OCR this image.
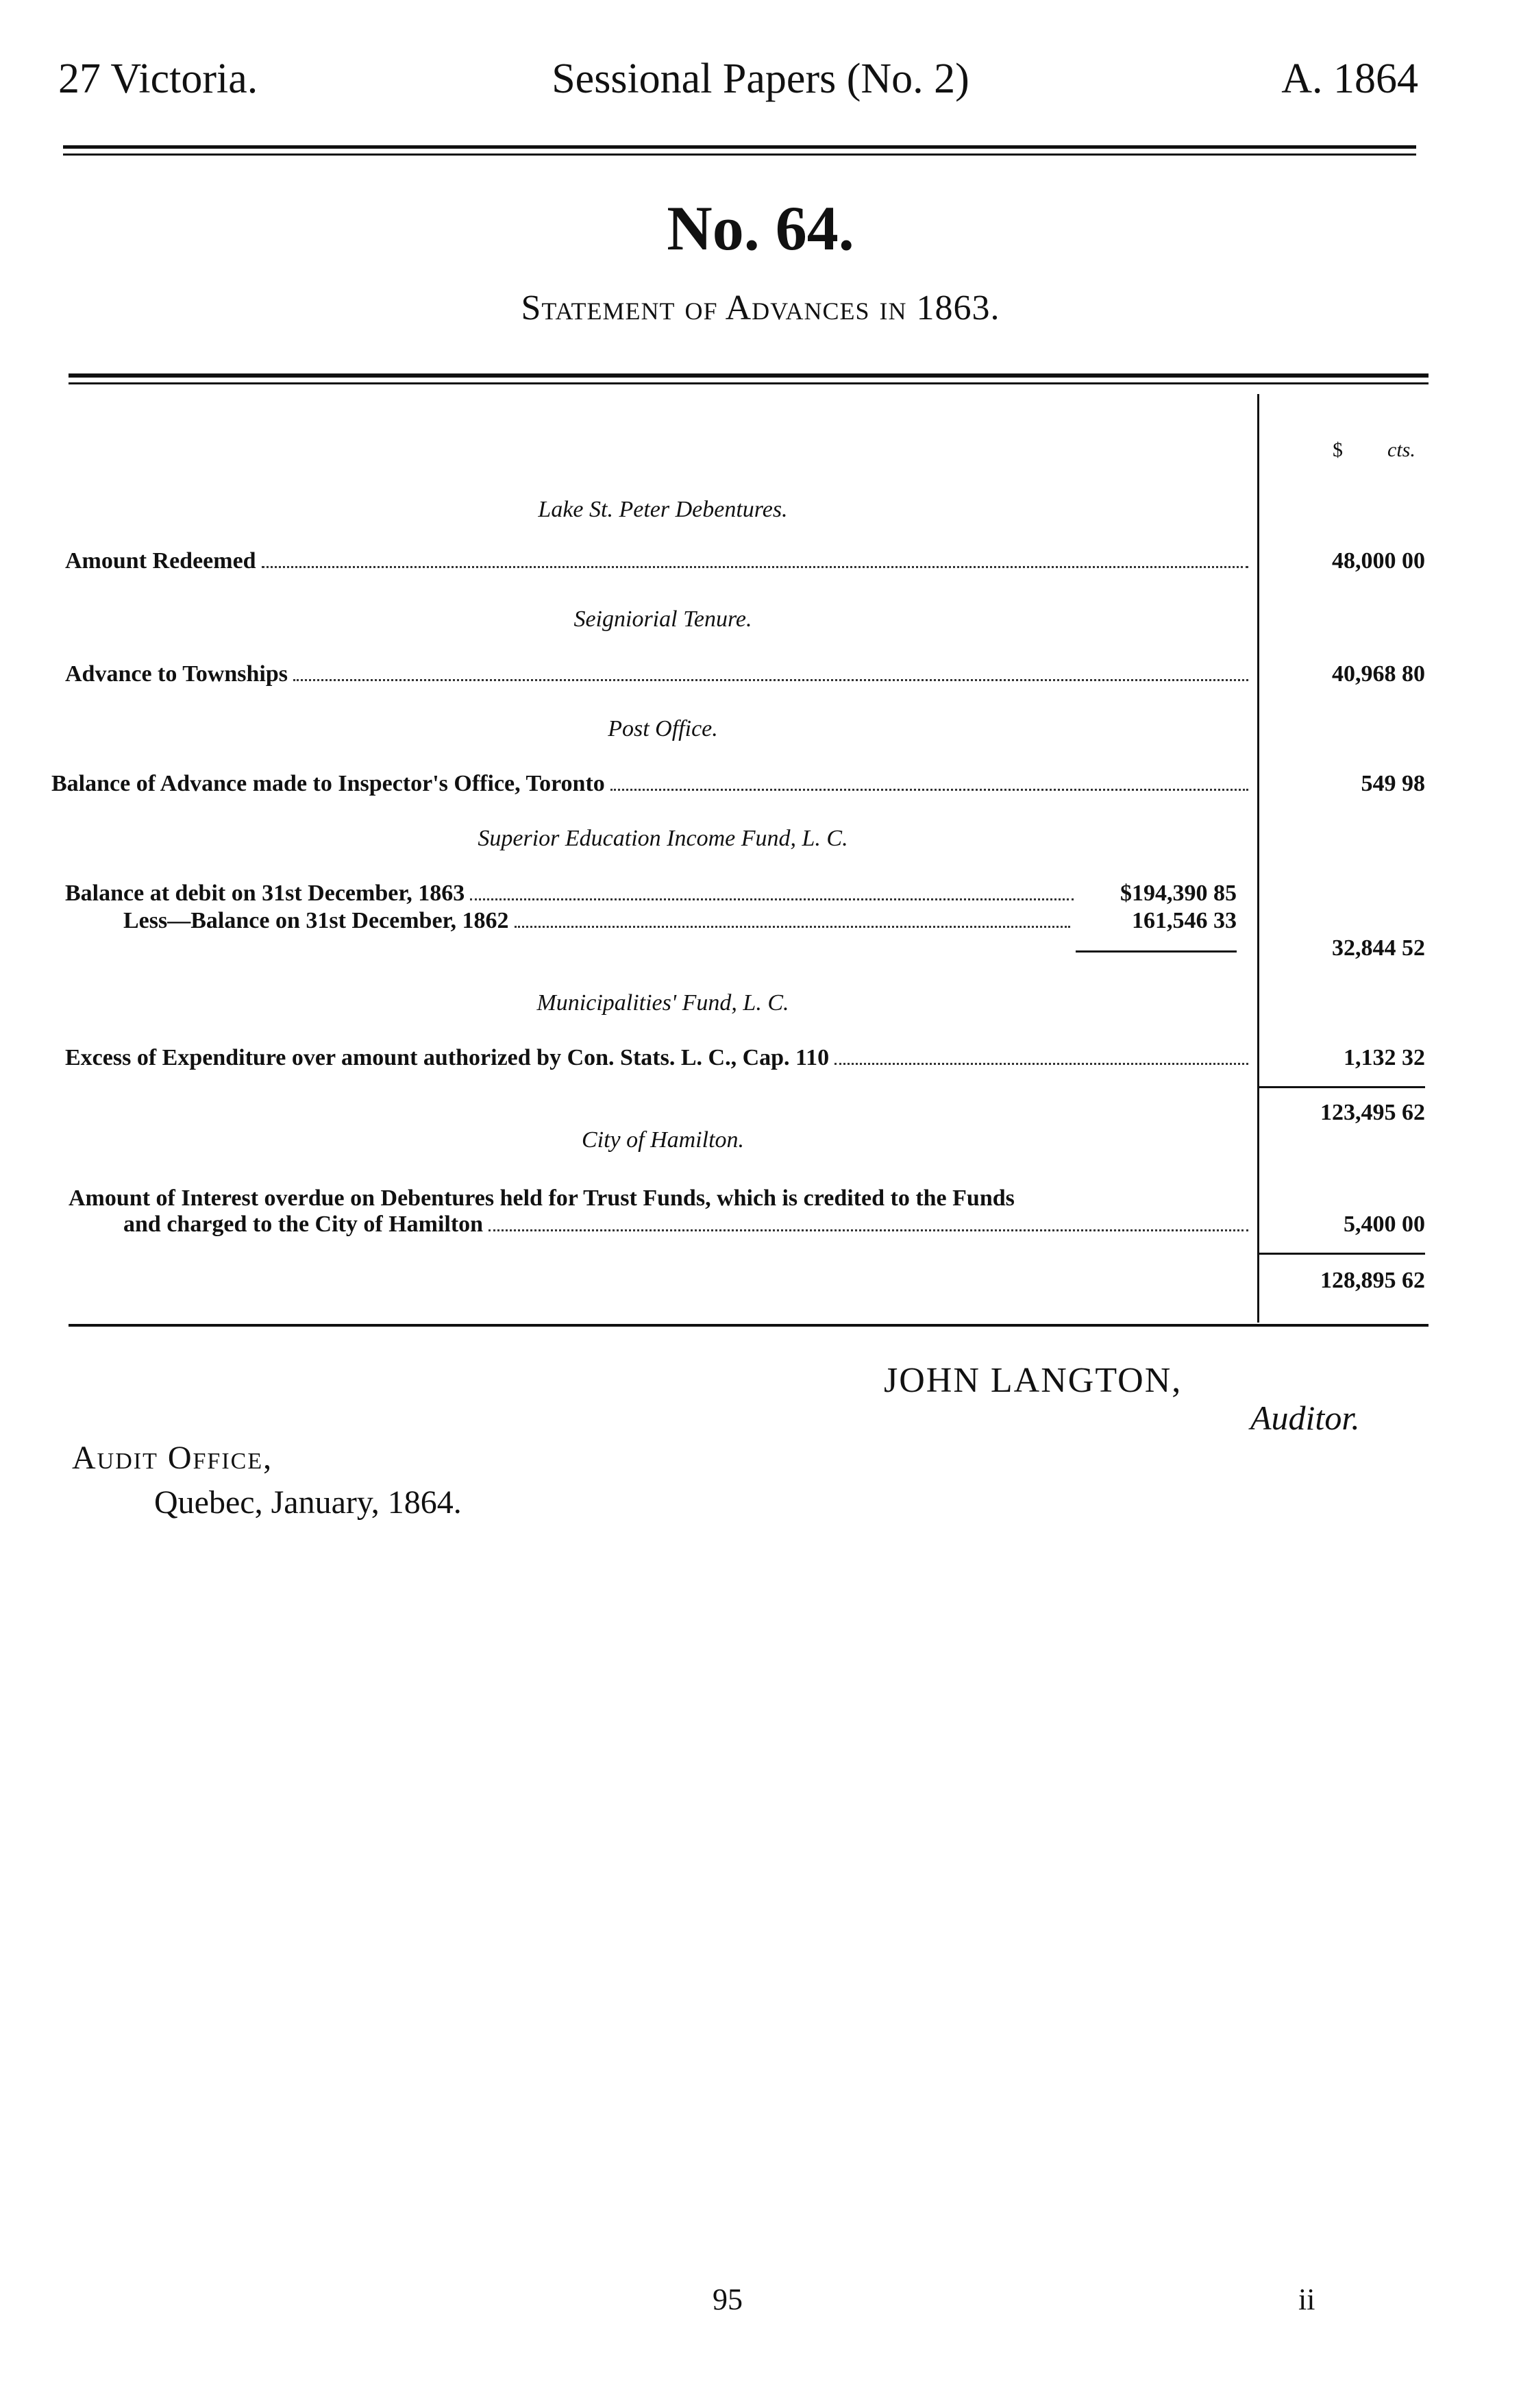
27 Victoria.	Sessional Papers (No. 2)	A. 1864
No. 64.
Statement of Advances in 1863.
$ cts.
Lake St. Peter Debentures.
Amount Redeemed	48,000 00
Seigniorial Tenure.
Advance to Townships	40,968 80
Post Office.
Balance of Advance made to Inspector's Office, Toronto	549 98
Superior Education Income Fund, L. C.
Balance at debit on 31st December, 1863	$194,390 85
Less—Balance on 31st December, 1862	161,546 33
32,844 52
Municipalities' Fund, L. C.
Excess of Expenditure over amount authorized by Con. Stats. L. C., Cap. 110	1,132 32
123,495 62
City of Hamilton.
Amount of Interest overdue on Debentures held for Trust Funds, which is credited to the Funds
and charged to the City of Hamilton	5,400 00
128,895 62
JOHN LANGTON,
Auditor.
Audit Office,
Quebec, January, 1864.
95	ii
